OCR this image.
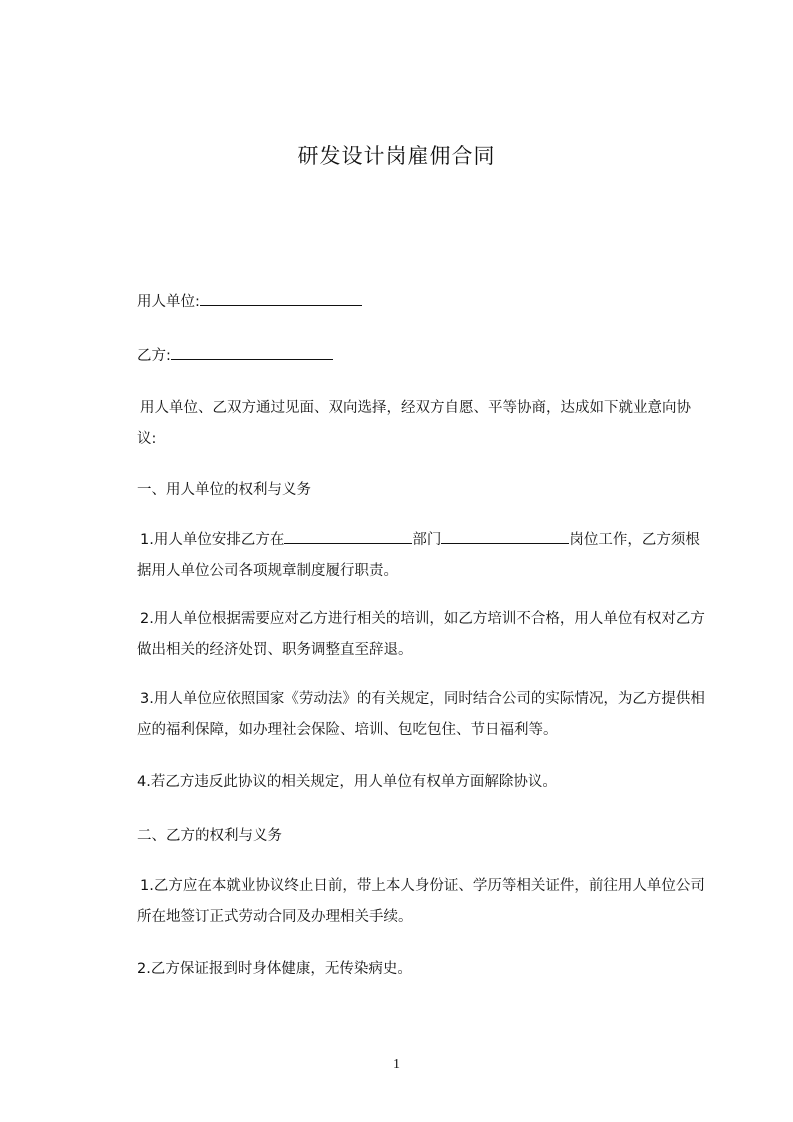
研发设计岗雇佣合同
用人单位:
乙方:
用人单位、乙双方通过见面、双向选择，经双方自愿、平等协商，达成如下就业意向协议:
一、用人单位的权利与义务
1.用人单位安排乙方在	部门	岗位工作，乙方须根据用人单位公司各项规章制度履行职责。
2.用人单位根据需要应对乙方进行相关的培训，如乙方培训不合格，用人单位有权对乙方做出相关的经济处罚、职务调整直至辞退。
3.用人单位应依照国家《劳动法》的有关规定，同时结合公司的实际情况，为乙方提供相应的福利保障，如办理社会保险、培训、包吃包住、节日福利等。
4.若乙方违反此协议的相关规定，用人单位有权单方面解除协议。
二、乙方的权利与义务
1.乙方应在本就业协议终止日前，带上本人身份证、学历等相关证件，前往用人单位公司所在地签订正式劳动合同及办理相关手续。
2.乙方保证报到时身体健康，无传染病史。
1
